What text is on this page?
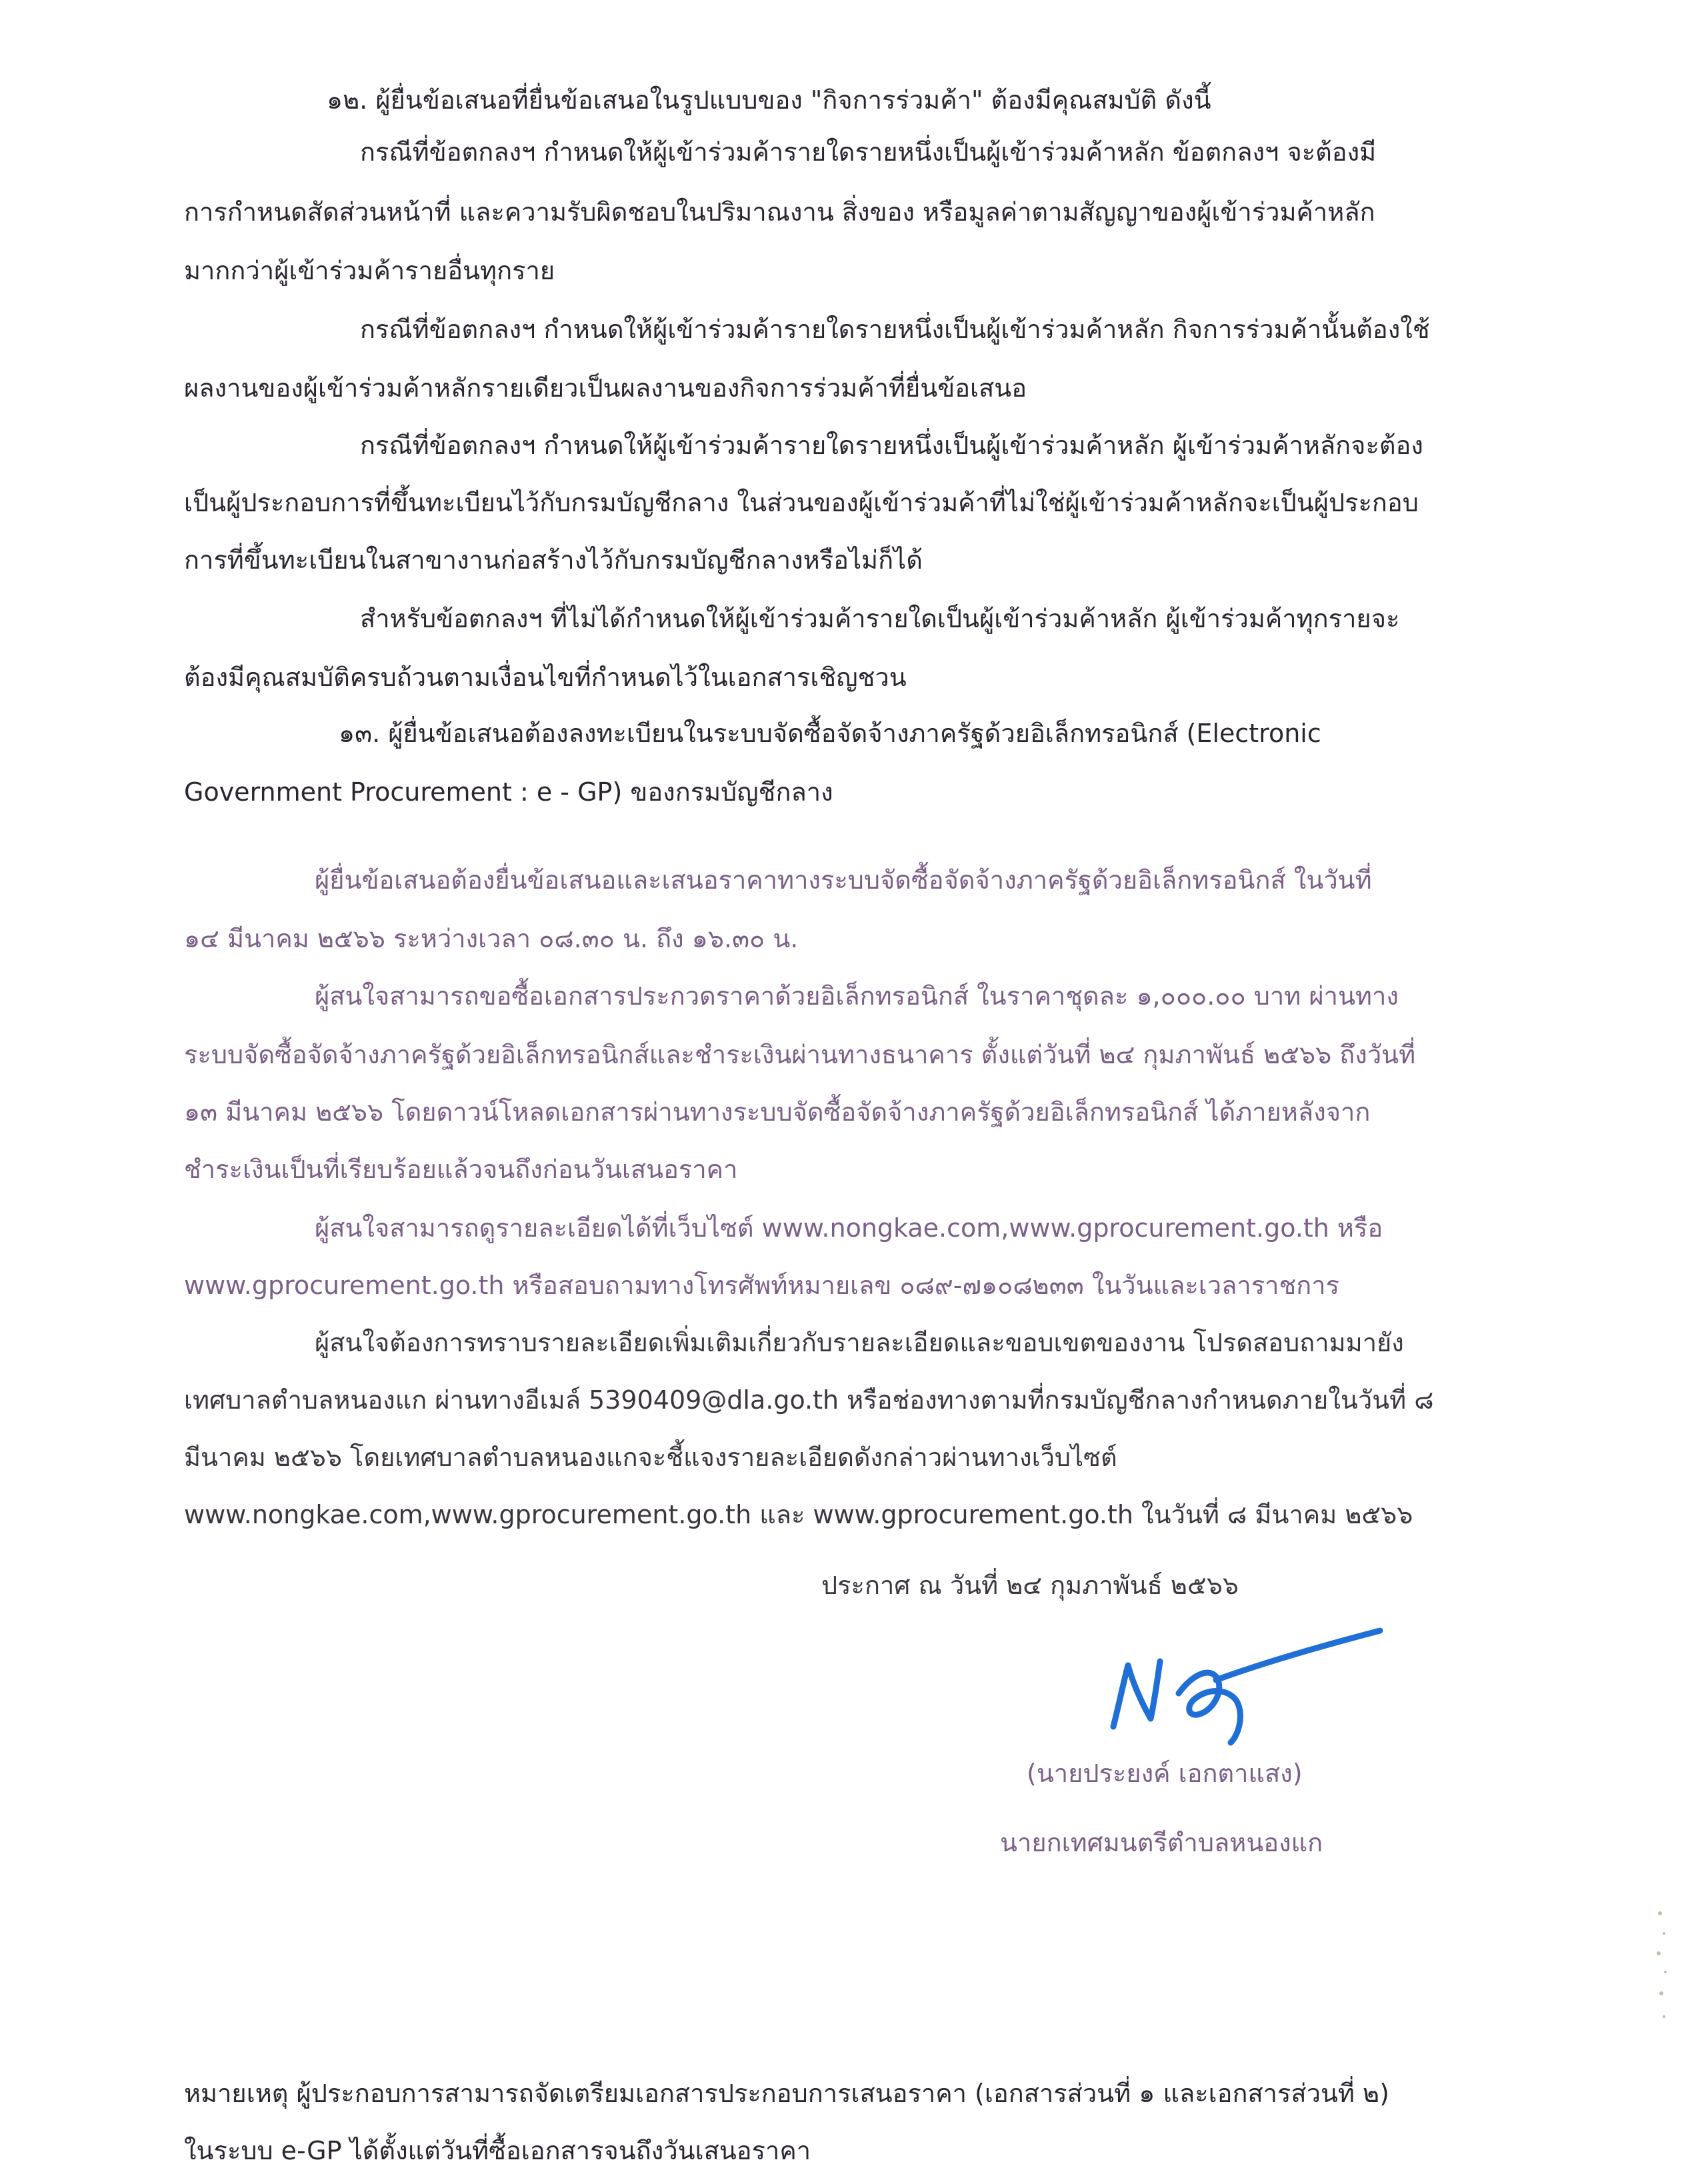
๑๒. ผู้ยื่นข้อเสนอที่ยื่นข้อเสนอในรูปแบบของ "กิจการร่วมค้า" ต้องมีคุณสมบัติ ดังนี้
กรณีที่ข้อตกลงฯ กำหนดให้ผู้เข้าร่วมค้ารายใดรายหนึ่งเป็นผู้เข้าร่วมค้าหลัก ข้อตกลงฯ จะต้องมี
การกำหนดสัดส่วนหน้าที่ และความรับผิดชอบในปริมาณงาน สิ่งของ หรือมูลค่าตามสัญญาของผู้เข้าร่วมค้าหลัก
มากกว่าผู้เข้าร่วมค้ารายอื่นทุกราย
กรณีที่ข้อตกลงฯ กำหนดให้ผู้เข้าร่วมค้ารายใดรายหนึ่งเป็นผู้เข้าร่วมค้าหลัก กิจการร่วมค้านั้นต้องใช้
ผลงานของผู้เข้าร่วมค้าหลักรายเดียวเป็นผลงานของกิจการร่วมค้าที่ยื่นข้อเสนอ
กรณีที่ข้อตกลงฯ กำหนดให้ผู้เข้าร่วมค้ารายใดรายหนึ่งเป็นผู้เข้าร่วมค้าหลัก ผู้เข้าร่วมค้าหลักจะต้อง
เป็นผู้ประกอบการที่ขึ้นทะเบียนไว้กับกรมบัญชีกลาง ในส่วนของผู้เข้าร่วมค้าที่ไม่ใช่ผู้เข้าร่วมค้าหลักจะเป็นผู้ประกอบ
การที่ขึ้นทะเบียนในสาขางานก่อสร้างไว้กับกรมบัญชีกลางหรือไม่ก็ได้
สำหรับข้อตกลงฯ ที่ไม่ได้กำหนดให้ผู้เข้าร่วมค้ารายใดเป็นผู้เข้าร่วมค้าหลัก ผู้เข้าร่วมค้าทุกรายจะ
ต้องมีคุณสมบัติครบถ้วนตามเงื่อนไขที่กำหนดไว้ในเอกสารเชิญชวน
๑๓. ผู้ยื่นข้อเสนอต้องลงทะเบียนในระบบจัดซื้อจัดจ้างภาครัฐด้วยอิเล็กทรอนิกส์ (Electronic
Government Procurement : e - GP) ของกรมบัญชีกลาง
ผู้ยื่นข้อเสนอต้องยื่นข้อเสนอและเสนอราคาทางระบบจัดซื้อจัดจ้างภาครัฐด้วยอิเล็กทรอนิกส์ ในวันที่
๑๔ มีนาคม ๒๕๖๖ ระหว่างเวลา ๐๘.๓๐ น. ถึง ๑๖.๓๐ น.
ผู้สนใจสามารถขอซื้อเอกสารประกวดราคาด้วยอิเล็กทรอนิกส์ ในราคาชุดละ ๑,๐๐๐.๐๐ บาท ผ่านทาง
ระบบจัดซื้อจัดจ้างภาครัฐด้วยอิเล็กทรอนิกส์และชำระเงินผ่านทางธนาคาร ตั้งแต่วันที่ ๒๔ กุมภาพันธ์ ๒๕๖๖ ถึงวันที่
๑๓ มีนาคม ๒๕๖๖ โดยดาวน์โหลดเอกสารผ่านทางระบบจัดซื้อจัดจ้างภาครัฐด้วยอิเล็กทรอนิกส์ ได้ภายหลังจาก
ชำระเงินเป็นที่เรียบร้อยแล้วจนถึงก่อนวันเสนอราคา
ผู้สนใจสามารถดูรายละเอียดได้ที่เว็บไซต์ www.nongkae.com,www.gprocurement.go.th หรือ
www.gprocurement.go.th หรือสอบถามทางโทรศัพท์หมายเลข ๐๘๙-๗๑๐๘๒๓๓ ในวันและเวลาราชการ
ผู้สนใจต้องการทราบรายละเอียดเพิ่มเติมเกี่ยวกับรายละเอียดและขอบเขตของงาน โปรดสอบถามมายัง
เทศบาลตำบลหนองแก ผ่านทางอีเมล์ 5390409@dla.go.th หรือช่องทางตามที่กรมบัญชีกลางกำหนดภายในวันที่ ๘
มีนาคม ๒๕๖๖ โดยเทศบาลตำบลหนองแกจะชี้แจงรายละเอียดดังกล่าวผ่านทางเว็บไซต์
www.nongkae.com,www.gprocurement.go.th และ www.gprocurement.go.th ในวันที่ ๘ มีนาคม ๒๕๖๖
ประกาศ ณ วันที่ ๒๔ กุมภาพันธ์ ๒๕๖๖
(นายประยงค์ เอกตาแสง)
นายกเทศมนตรีตำบลหนองแก
หมายเหตุ ผู้ประกอบการสามารถจัดเตรียมเอกสารประกอบการเสนอราคา (เอกสารส่วนที่ ๑ และเอกสารส่วนที่ ๒)
ในระบบ e-GP ได้ตั้งแต่วันที่ซื้อเอกสารจนถึงวันเสนอราคา
